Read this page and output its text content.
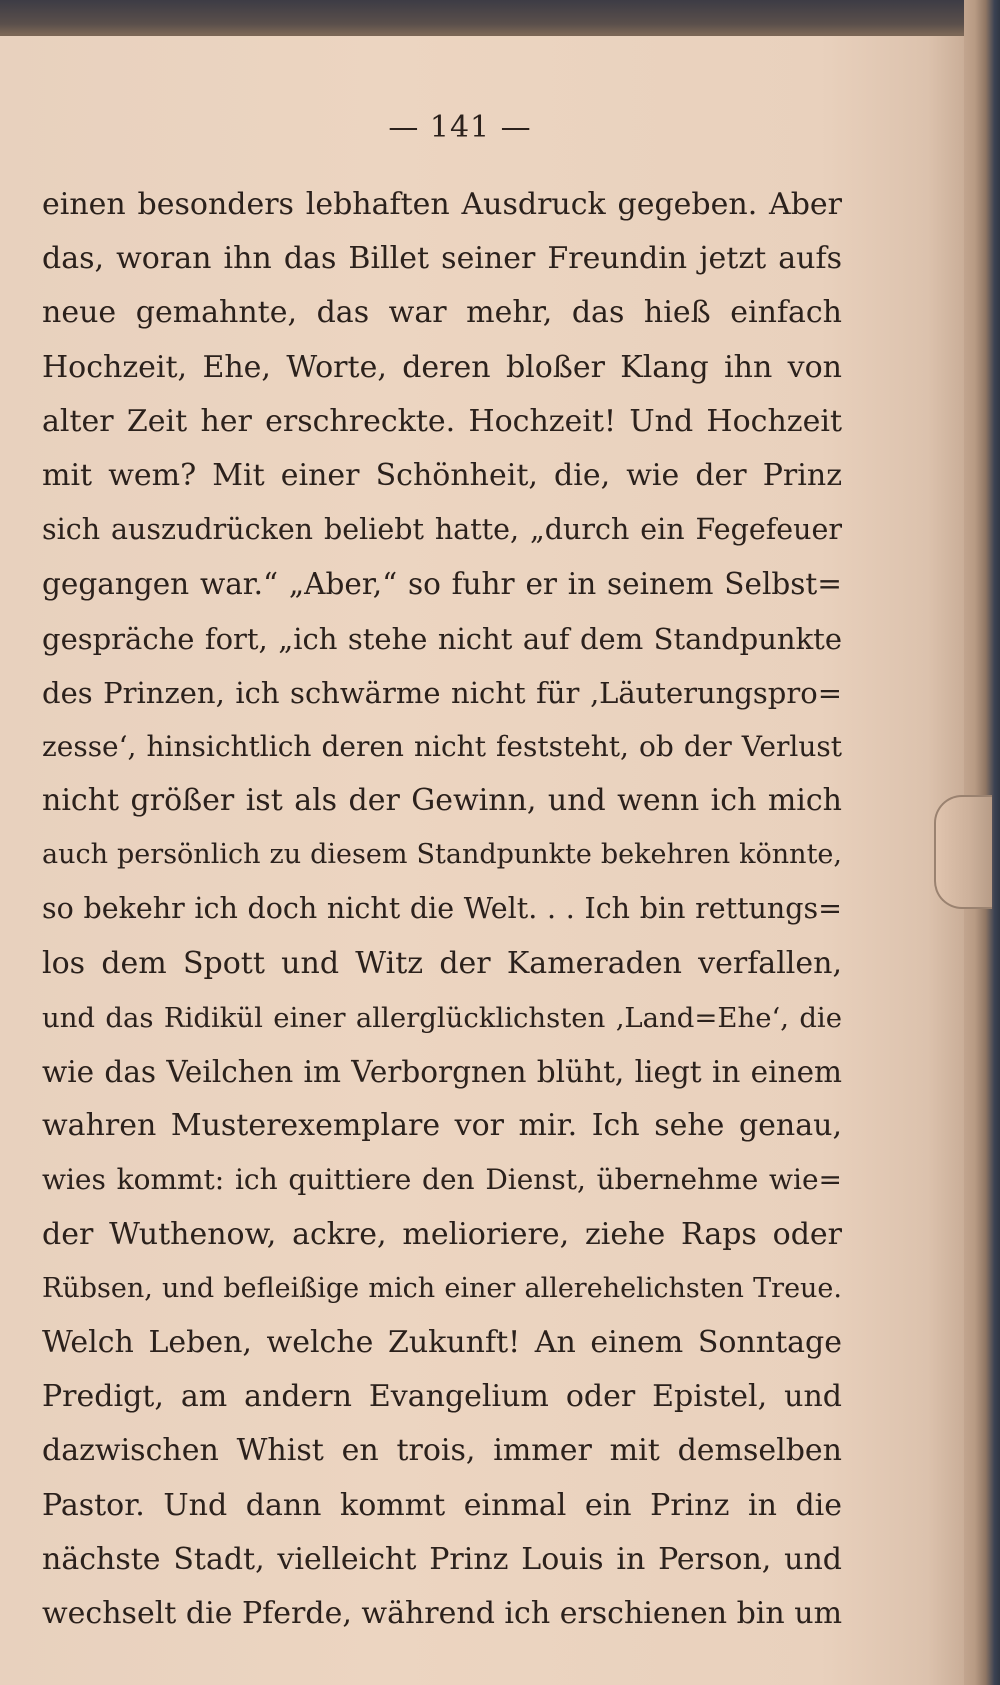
— 141 —
einen besonders lebhaften Ausdruck gegeben. Aber
das, woran ihn das Billet seiner Freundin jetzt aufs
neue gemahnte, das war mehr, das hieß einfach
Hochzeit, Ehe, Worte, deren bloßer Klang ihn von
alter Zeit her erschreckte. Hochzeit! Und Hochzeit
mit wem? Mit einer Schönheit, die, wie der Prinz
sich auszudrücken beliebt hatte, „durch ein Fegefeuer
gegangen war.“ „Aber,“ so fuhr er in seinem Selbst=
gespräche fort, „ich stehe nicht auf dem Standpunkte
des Prinzen, ich schwärme nicht für ‚Läuterungspro=
zesse‘, hinsichtlich deren nicht feststeht, ob der Verlust
nicht größer ist als der Gewinn, und wenn ich mich
auch persönlich zu diesem Standpunkte bekehren könnte,
so bekehr ich doch nicht die Welt. . . Ich bin rettungs=
los dem Spott und Witz der Kameraden verfallen,
und das Ridikül einer allerglücklichsten ‚Land=Ehe‘, die
wie das Veilchen im Verborgnen blüht, liegt in einem
wahren Musterexemplare vor mir. Ich sehe genau,
wies kommt: ich quittiere den Dienst, übernehme wie=
der Wuthenow, ackre, melioriere, ziehe Raps oder
Rübsen, und befleißige mich einer allerehelichsten Treue.
Welch Leben, welche Zukunft! An einem Sonntage
Predigt, am andern Evangelium oder Epistel, und
dazwischen Whist en trois, immer mit demselben
Pastor. Und dann kommt einmal ein Prinz in die
nächste Stadt, vielleicht Prinz Louis in Person, und
wechselt die Pferde, während ich erschienen bin um
